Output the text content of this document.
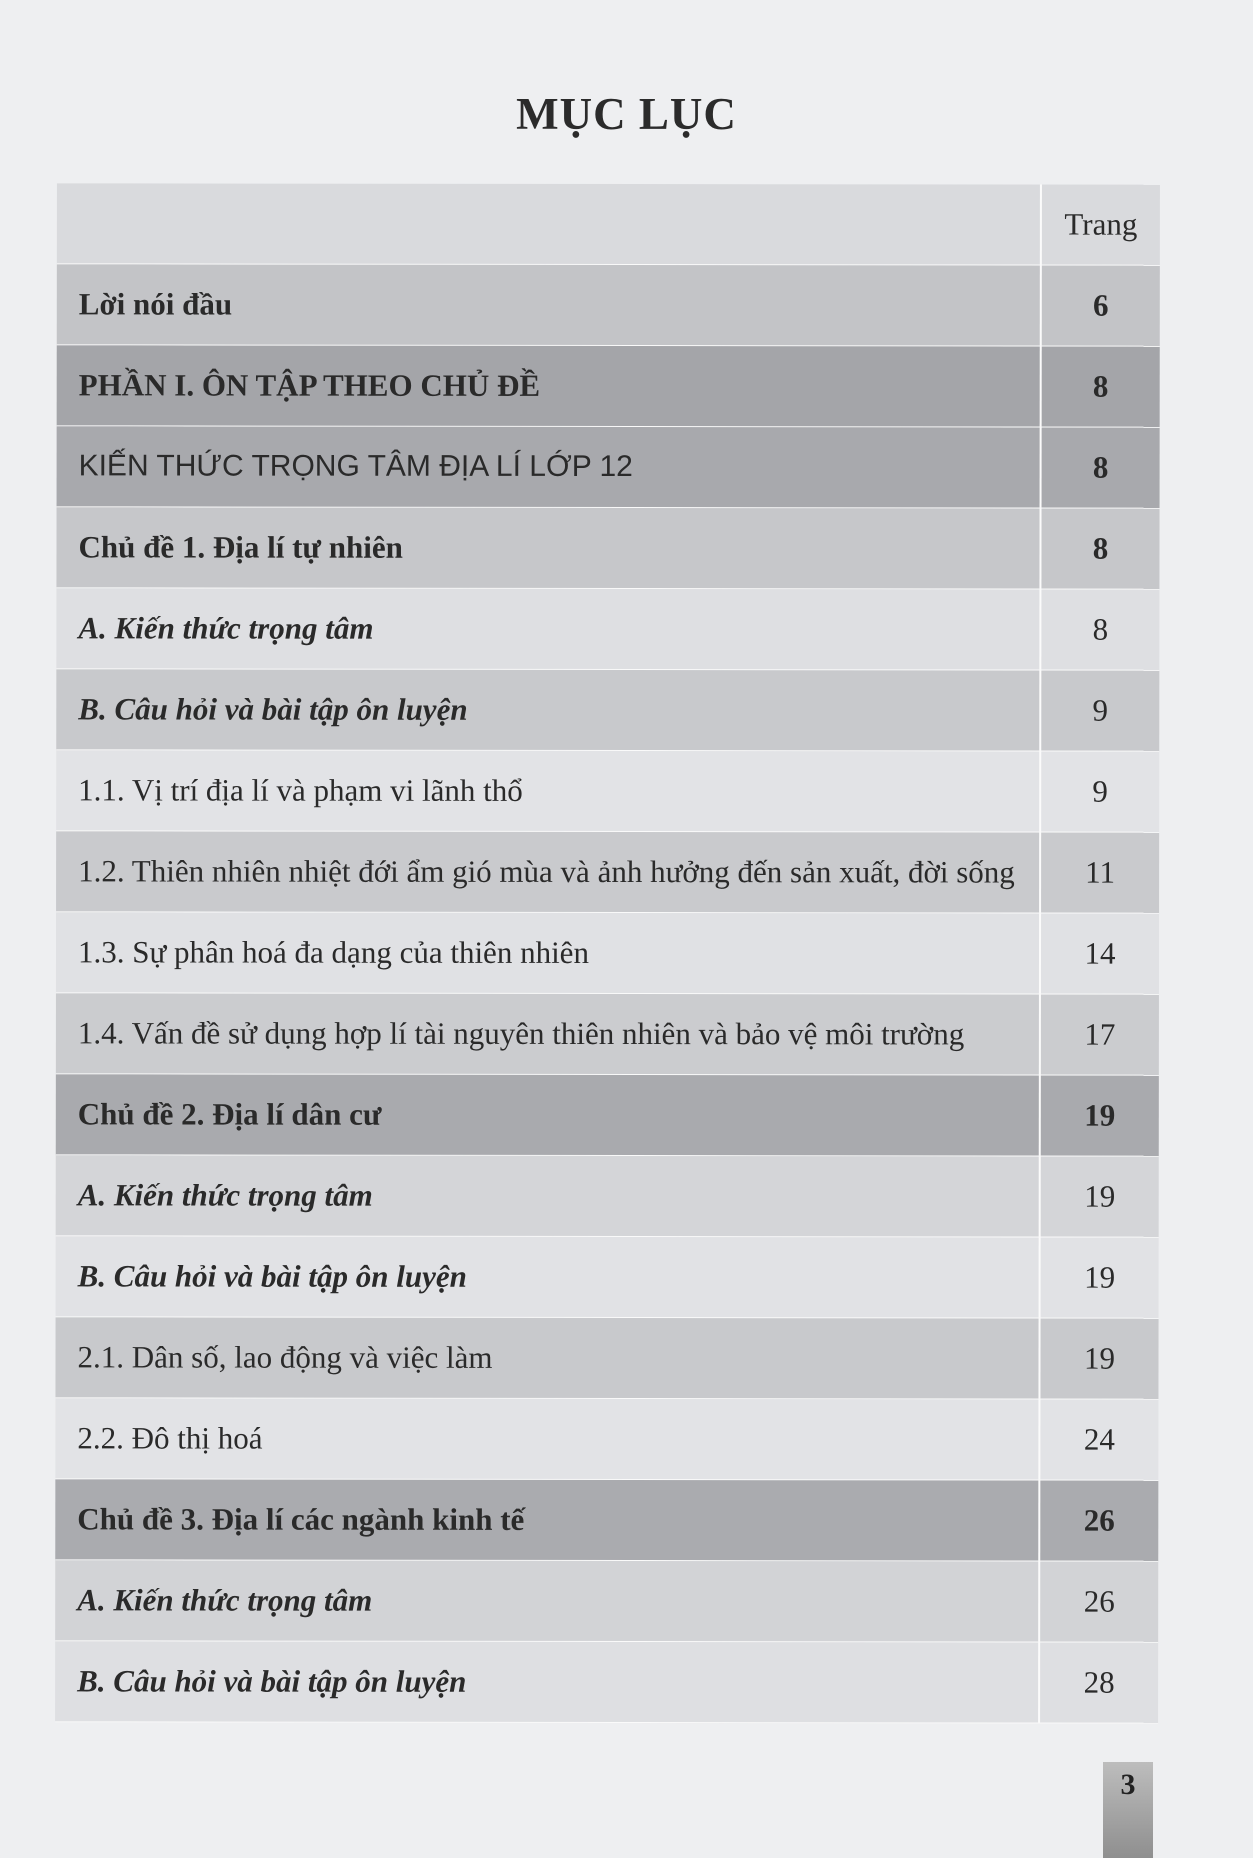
MỤC LỤC
Trang
Lời nói đầu	6
PHẦN I. ÔN TẬP THEO CHỦ ĐỀ	8
KIẾN THỨC TRỌNG TÂM ĐỊA LÍ LỚP 12	8
Chủ đề 1. Địa lí tự nhiên	8
A. Kiến thức trọng tâm	8
B. Câu hỏi và bài tập ôn luyện	9
1.1. Vị trí địa lí và phạm vi lãnh thổ	9
1.2. Thiên nhiên nhiệt đới ẩm gió mùa và ảnh hưởng đến sản xuất, đời sống	11
1.3. Sự phân hoá đa dạng của thiên nhiên	14
1.4. Vấn đề sử dụng hợp lí tài nguyên thiên nhiên và bảo vệ môi trường	17
Chủ đề 2. Địa lí dân cư	19
A. Kiến thức trọng tâm	19
B. Câu hỏi và bài tập ôn luyện	19
2.1. Dân số, lao động và việc làm	19
2.2. Đô thị hoá	24
Chủ đề 3. Địa lí các ngành kinh tế	26
A. Kiến thức trọng tâm	26
B. Câu hỏi và bài tập ôn luyện	28
3
